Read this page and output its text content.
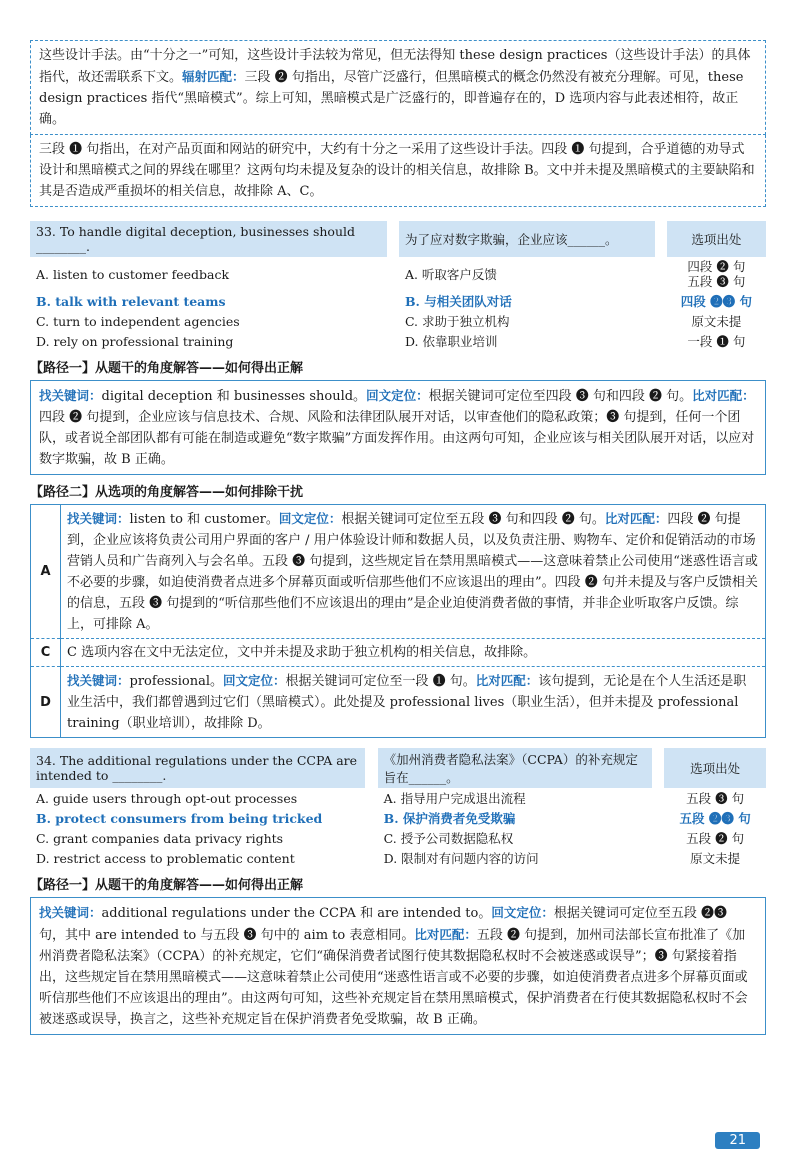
这些设计手法。由“十分之一”可知，这些设计手法较为常见，但无法得知 these design practices（这些设计手法）的具体指代，故还需联系下文。辐射匹配：三段 ❷ 句指出，尽管广泛盛行，但黑暗模式的概念仍然没有被充分理解。可见，these design practices 指代“黑暗模式”。综上可知，黑暗模式是广泛盛行的，即普遍存在的，D 选项内容与此表述相符，故正确。
三段 ❶ 句指出，在对产品页面和网站的研究中，大约有十分之一采用了这些设计手法。四段 ❶ 句提到，合乎道德的劝导式设计和黑暗模式之间的界线在哪里？这两句均未提及复杂的设计的相关信息，故排除 B。文中并未提及黑暗模式的主要缺陷和其是否造成严重损坏的相关信息，故排除 A、C。
33. To handle digital deception, businesses should ________.		为了应对数字欺骗，企业应该______。		选项出处
A. listen to customer feedback		A. 听取客户反馈		四段 ❷ 句
五段 ❸ 句
B. talk with relevant teams		B. 与相关团队对话		四段 ❷❸ 句
C. turn to independent agencies		C. 求助于独立机构		原文未提
D. rely on professional training		D. 依靠职业培训		一段 ❶ 句
【路径一】从题干的角度解答——如何得出正解
找关键词：digital deception 和 businesses should。回文定位：根据关键词可定位至四段 ❸ 句和四段 ❷ 句。比对匹配：四段 ❷ 句提到，企业应该与信息技术、合规、风险和法律团队展开对话，以审查他们的隐私政策；❸ 句提到，任何一个团队，或者说全部团队都有可能在制造或避免“数字欺骗”方面发挥作用。由这两句可知，企业应该与相关团队展开对话，以应对数字欺骗，故 B 正确。
【路径二】从选项的角度解答——如何排除干扰
A	找关键词：listen to 和 customer。回文定位：根据关键词可定位至五段 ❸ 句和四段 ❷ 句。比对匹配：四段 ❷ 句提到，企业应该将负责公司用户界面的客户 / 用户体验设计师和数据人员，以及负责注册、购物车、定价和促销活动的市场营销人员和广告商列入与会名单。五段 ❸ 句提到，这些规定旨在禁用黑暗模式——这意味着禁止公司使用“迷惑性语言或不必要的步骤，如迫使消费者点进多个屏幕页面或听信那些他们不应该退出的理由”。四段 ❷ 句并未提及与客户反馈相关的信息，五段 ❸ 句提到的“听信那些他们不应该退出的理由”是企业迫使消费者做的事情，并非企业听取客户反馈。综上，可排除 A。
C	C 选项内容在文中无法定位，文中并未提及求助于独立机构的相关信息，故排除。
D	找关键词：professional。回文定位：根据关键词可定位至一段 ❶ 句。比对匹配：该句提到，无论是在个人生活还是职业生活中，我们都曾遇到过它们（黑暗模式）。此处提及 professional lives（职业生活），但并未提及 professional training（职业培训），故排除 D。
34. The additional regulations under the CCPA are intended to ________.		《加州消费者隐私法案》（CCPA）的补充规定旨在______。		选项出处
A. guide users through opt-out processes		A. 指导用户完成退出流程		五段 ❸ 句
B. protect consumers from being tricked		B. 保护消费者免受欺骗		五段 ❷❸ 句
C. grant companies data privacy rights		C. 授予公司数据隐私权		五段 ❷ 句
D. restrict access to problematic content		D. 限制对有问题内容的访问		原文未提
【路径一】从题干的角度解答——如何得出正解
找关键词：additional regulations under the CCPA 和 are intended to。回文定位：根据关键词可定位至五段 ❷❸ 句，其中 are intended to 与五段 ❸ 句中的 aim to 表意相同。比对匹配：五段 ❷ 句提到，加州司法部长宣布批准了《加州消费者隐私法案》（CCPA）的补充规定，它们“确保消费者试图行使其数据隐私权时不会被迷惑或误导”；❸ 句紧接着指出，这些规定旨在禁用黑暗模式——这意味着禁止公司使用“迷惑性语言或不必要的步骤，如迫使消费者点进多个屏幕页面或听信那些他们不应该退出的理由”。由这两句可知，这些补充规定旨在禁用黑暗模式，保护消费者在行使其数据隐私权时不会被迷惑或误导，换言之，这些补充规定旨在保护消费者免受欺骗，故 B 正确。
21
